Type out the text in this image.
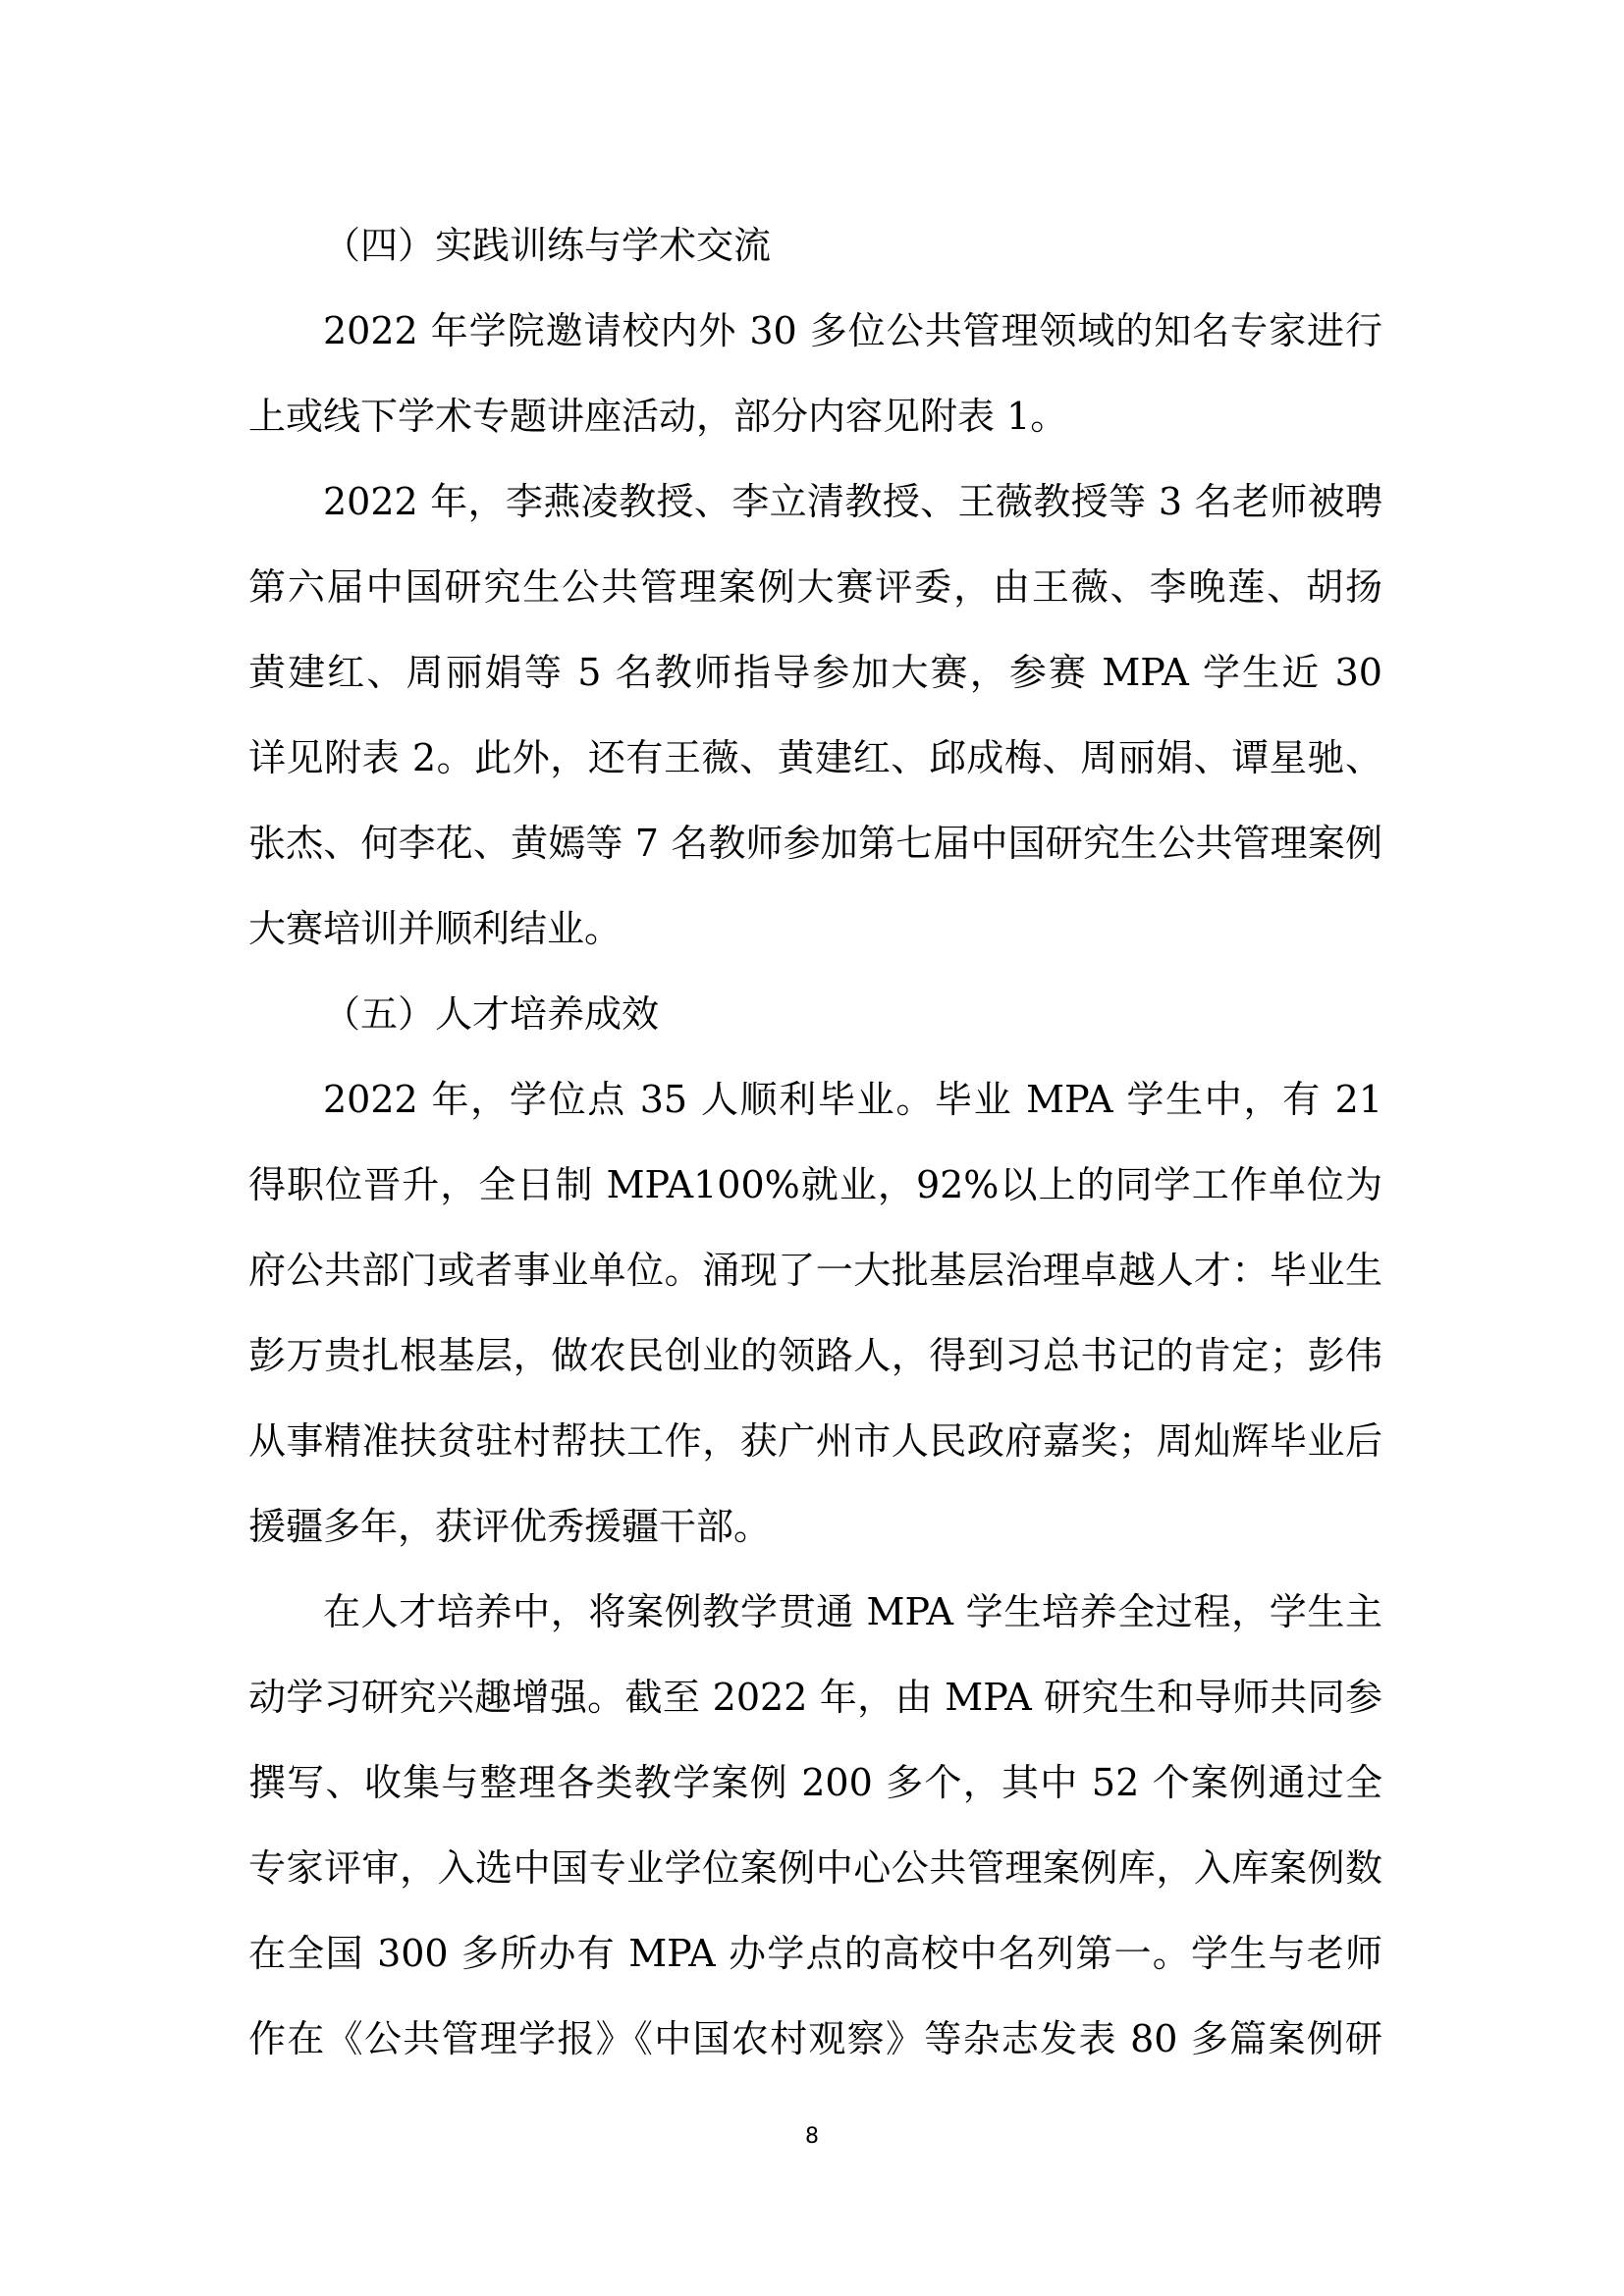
（四）实践训练与学术交流
2022 年学院邀请校内外 30 多位公共管理领域的知名专家进行
上或线下学术专题讲座活动，部分内容见附表 1。
2022 年，李燕凌教授、李立清教授、王薇教授等 3 名老师被聘
第六届中国研究生公共管理案例大赛评委，由王薇、李晚莲、胡扬
黄建红、周丽娟等 5 名教师指导参加大赛，参赛 MPA 学生近 30
详见附表 2。此外，还有王薇、黄建红、邱成梅、周丽娟、谭星驰、
张杰、何李花、黄嫣等 7 名教师参加第七届中国研究生公共管理案例
大赛培训并顺利结业。
（五）人才培养成效
2022 年，学位点 35 人顺利毕业。毕业 MPA 学生中，有 21
得职位晋升，全日制 MPA100%就业，92%以上的同学工作单位为
府公共部门或者事业单位。涌现了一大批基层治理卓越人才：毕业生
彭万贵扎根基层，做农民创业的领路人，得到习总书记的肯定；彭伟
从事精准扶贫驻村帮扶工作，获广州市人民政府嘉奖；周灿辉毕业后
援疆多年，获评优秀援疆干部。
在人才培养中，将案例教学贯通 MPA 学生培养全过程，学生主
动学习研究兴趣增强。截至 2022 年，由 MPA 研究生和导师共同参
撰写、收集与整理各类教学案例 200 多个，其中 52 个案例通过全
专家评审，入选中国专业学位案例中心公共管理案例库，入库案例数
在全国 300 多所办有 MPA 办学点的高校中名列第一。学生与老师
作在《公共管理学报》《中国农村观察》等杂志发表 80 多篇案例研
8
